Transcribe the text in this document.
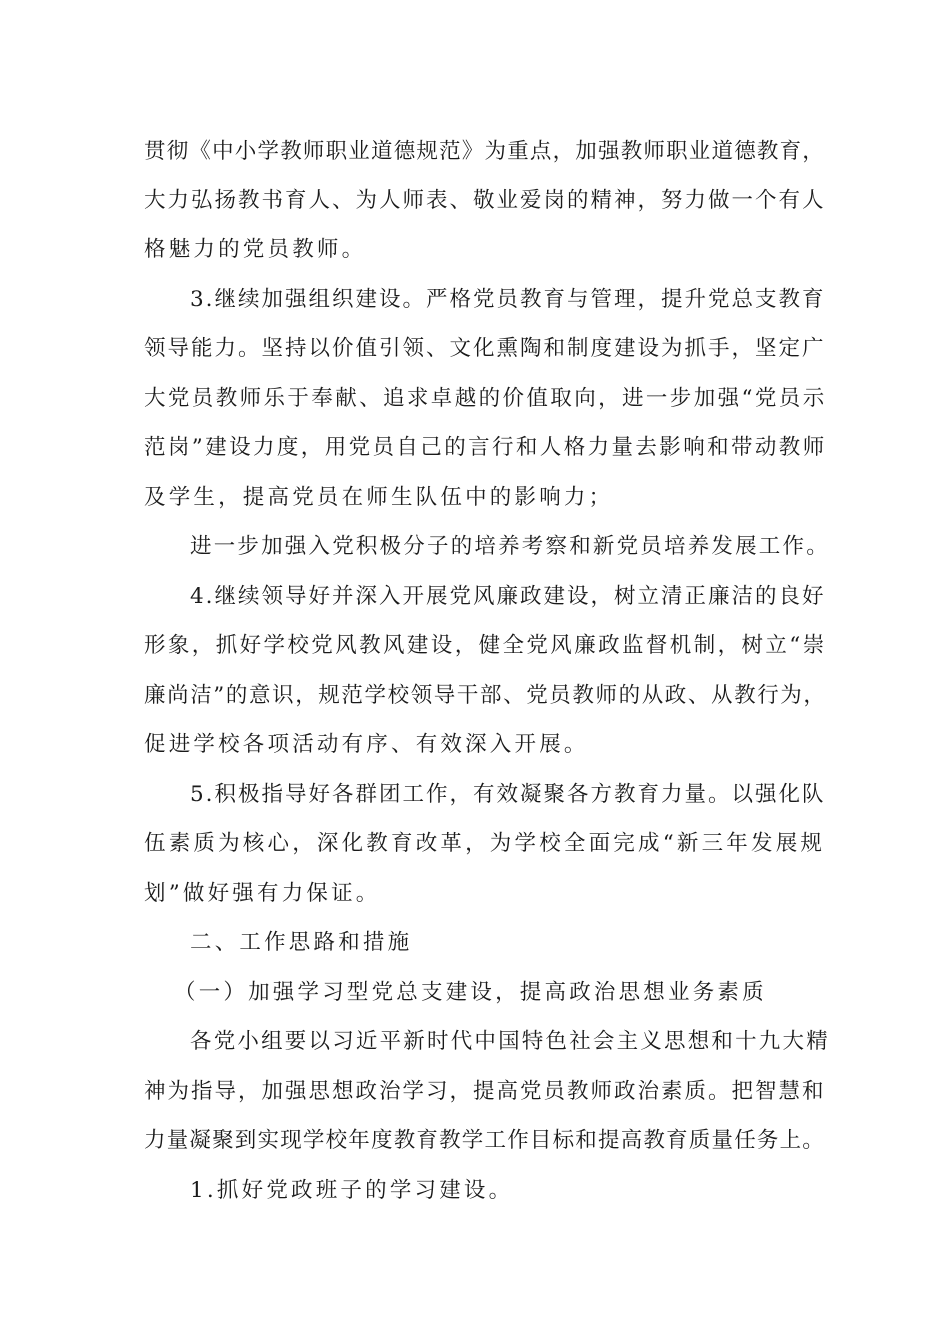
贯彻《中小学教师职业道德规范》为重点，加强教师职业道德教育，
大力弘扬教书育人、为人师表、敬业爱岗的精神，努力做一个有人
格魅力的党员教师。
3.继续加强组织建设。严格党员教育与管理，提升党总支教育
领导能力。坚持以价值引领、文化熏陶和制度建设为抓手，坚定广
大党员教师乐于奉献、追求卓越的价值取向，进一步加强“党员示
范岗”建设力度，用党员自己的言行和人格力量去影响和带动教师
及学生，提高党员在师生队伍中的影响力；
进一步加强入党积极分子的培养考察和新党员培养发展工作。
4.继续领导好并深入开展党风廉政建设，树立清正廉洁的良好
形象，抓好学校党风教风建设，健全党风廉政监督机制，树立“崇
廉尚洁”的意识，规范学校领导干部、党员教师的从政、从教行为，
促进学校各项活动有序、有效深入开展。
5.积极指导好各群团工作，有效凝聚各方教育力量。以强化队
伍素质为核心，深化教育改革，为学校全面完成“新三年发展规
划”做好强有力保证。
二、工作思路和措施
（一）加强学习型党总支建设，提高政治思想业务素质
各党小组要以习近平新时代中国特色社会主义思想和十九大精
神为指导，加强思想政治学习，提高党员教师政治素质。把智慧和
力量凝聚到实现学校年度教育教学工作目标和提高教育质量任务上。
1.抓好党政班子的学习建设。
